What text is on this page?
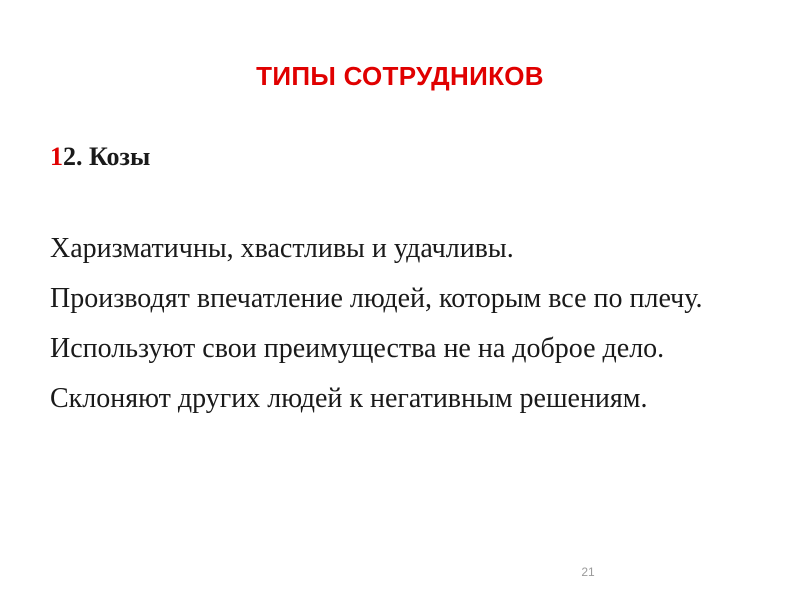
ТИПЫ СОТРУДНИКОВ
12. Козы

Харизматичны, хвастливы и удачливы.

Производят впечатление людей, которым все по плечу.

Используют свои преимущества не на доброе дело.

Склоняют других людей к негативным решениям.

21
